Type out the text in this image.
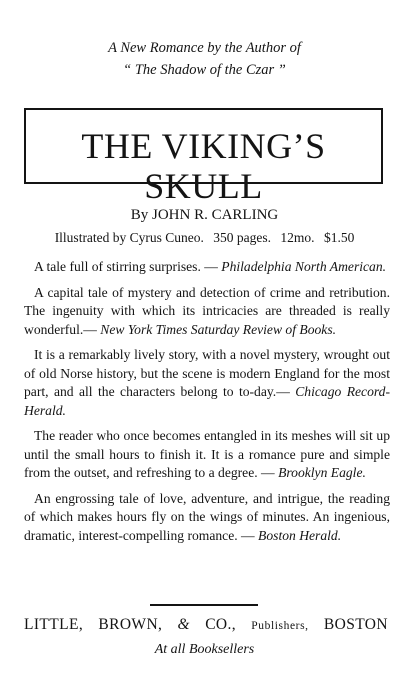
A New Romance by the Author of
“ The Shadow of the Czar ”
THE VIKING’S SKULL
By JOHN R. CARLING
Illustrated by Cyrus Cuneo. 350 pages. 12mo. $1.50

A tale full of stirring surprises. — Philadelphia North American.

A capital tale of mystery and detection of crime and retribution. The ingenuity with which its intricacies are threaded is really wonderful.— New York Times Saturday Review of Books.

It is a remarkably lively story, with a novel mystery, wrought out of old Norse history, but the scene is modern England for the most part, and all the characters belong to to-day.— Chicago Record-Herald.

The reader who once becomes entangled in its meshes will sit up until the small hours to finish it. It is a romance pure and simple from the outset, and refreshing to a degree. — Brooklyn Eagle.

An engrossing tale of love, adventure, and intrigue, the reading of which makes hours fly on the wings of minutes. An ingenious, dramatic, interest-compelling romance. — Boston Herald.

LITTLE, BROWN, & CO., Publishers, BOSTON
At all Booksellers
